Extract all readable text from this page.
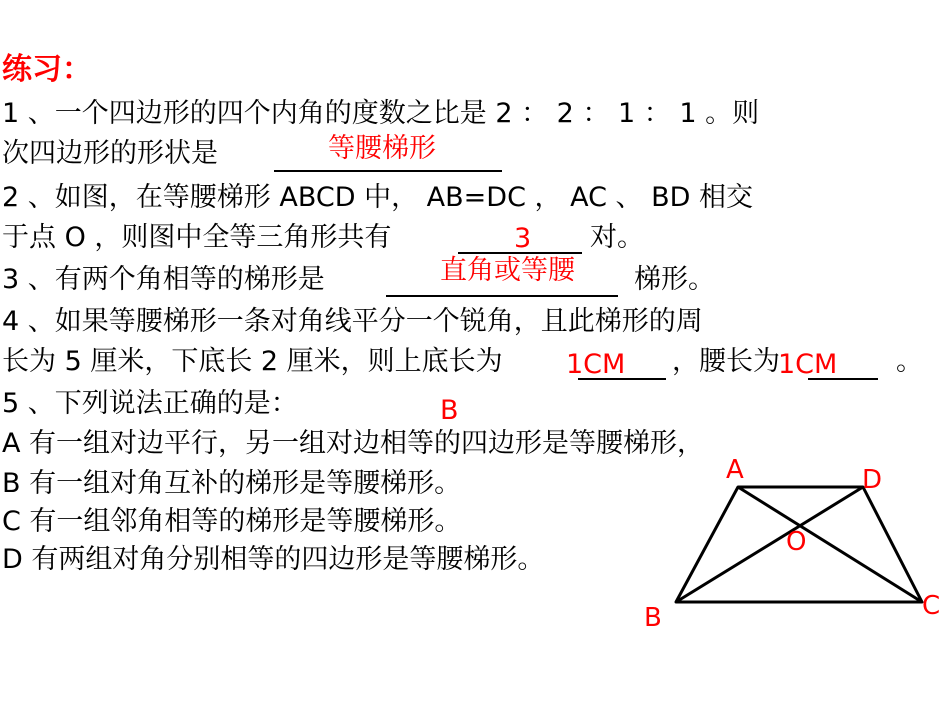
练习：
1 、一个四边形的四个内角的度数之比是 2 ： 2 ： 1 ： 1 。则
次四边形的形状是	等腰梯形
2 、如图，在等腰梯形 ABCD 中， AB=DC ， AC 、 BD 相交
于点 O ，则图中全等三角形共有	3 对。
3 、有两个角相等的梯形是	直角或等腰 梯形。
4 、如果等腰梯形一条对角线平分一个锐角，且此梯形的周
长为 5 厘米，下底长 2 厘米，则上底长为 1CM ，腰长为
1CM 。
5 、下列说法正确的是：	B
A 有一组对边平行，另一组对边相等的四边形是等腰梯形，
B 有一组对角互补的梯形是等腰梯形。
C 有一组邻角相等的梯形是等腰梯形。
D 有两组对角分别相等的四边形是等腰梯形。
A	D
O
B	C
